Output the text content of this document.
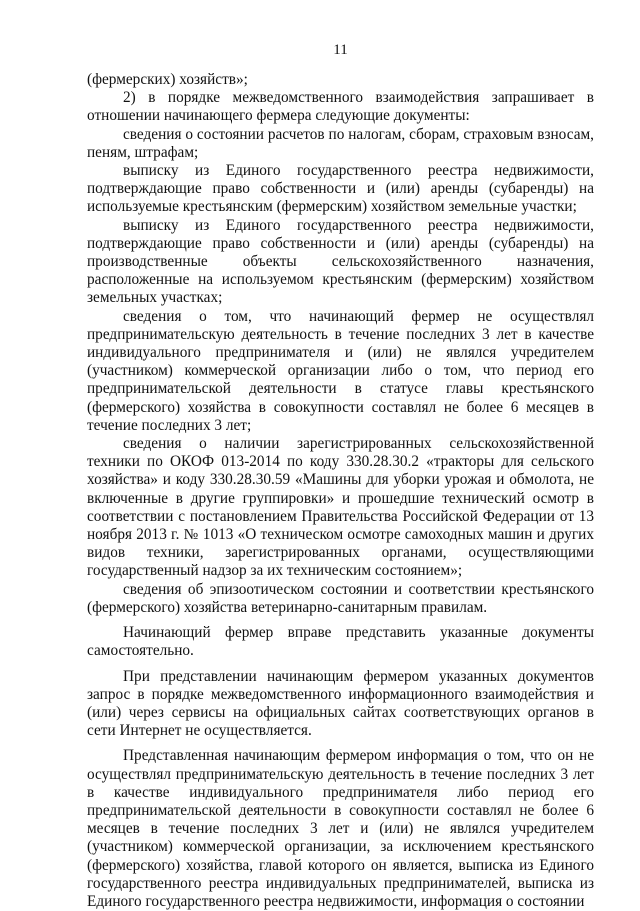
11

(фермерских) хозяйств»;

2) в порядке межведомственного взаимодействия запрашивает в отношении начинающего фермера следующие документы:

сведения о состоянии расчетов по налогам, сборам, страховым взносам, пеням, штрафам;

выписку из Единого государственного реестра недвижимости, подтверждающие право собственности и (или) аренды (субаренды) на используемые крестьянским (фермерским) хозяйством земельные участки;

выписку из Единого государственного реестра недвижимости, подтверждающие право собственности и (или) аренды (субаренды) на производственные объекты сельскохозяйственного назначения, расположенные на используемом крестьянским (фермерским) хозяйством земельных участках;

сведения о том, что начинающий фермер не осуществлял предпринимательскую деятельность в течение последних 3 лет в качестве индивидуального предпринимателя и (или) не являлся учредителем (участником) коммерческой организации либо о том, что период его предпринимательской деятельности в статусе главы крестьянского (фермерского) хозяйства в совокупности составлял не более 6 месяцев в течение последних 3 лет;

сведения о наличии зарегистрированных сельскохозяйственной техники по ОКОФ 013-2014 по коду 330.28.30.2 «тракторы для сельского хозяйства» и коду 330.28.30.59 «Машины для уборки урожая и обмолота, не включенные в другие группировки» и прошедшие технический осмотр в соответствии с постановлением Правительства Российской Федерации от 13 ноября 2013 г. № 1013 «О техническом осмотре самоходных машин и других видов техники, зарегистрированных органами, осуществляющими государственный надзор за их техническим состоянием»;

сведения об эпизоотическом состоянии и соответствии крестьянского (фермерского) хозяйства ветеринарно-санитарным правилам.

Начинающий фермер вправе представить указанные документы самостоятельно.

При представлении начинающим фермером указанных документов запрос в порядке межведомственного информационного взаимодействия и (или) через сервисы на официальных сайтах соответствующих органов в сети Интернет не осуществляется.

Представленная начинающим фермером информация о том, что он не осуществлял предпринимательскую деятельность в течение последних 3 лет в качестве индивидуального предпринимателя либо период его предпринимательской деятельности в совокупности составлял не более 6 месяцев в течение последних 3 лет и (или) не являлся учредителем (участником) коммерческой организации, за исключением крестьянского (фермерского) хозяйства, главой которого он является, выписка из Единого государственного реестра индивидуальных предпринимателей, выписка из Единого государственного реестра недвижимости, информация о состоянии
